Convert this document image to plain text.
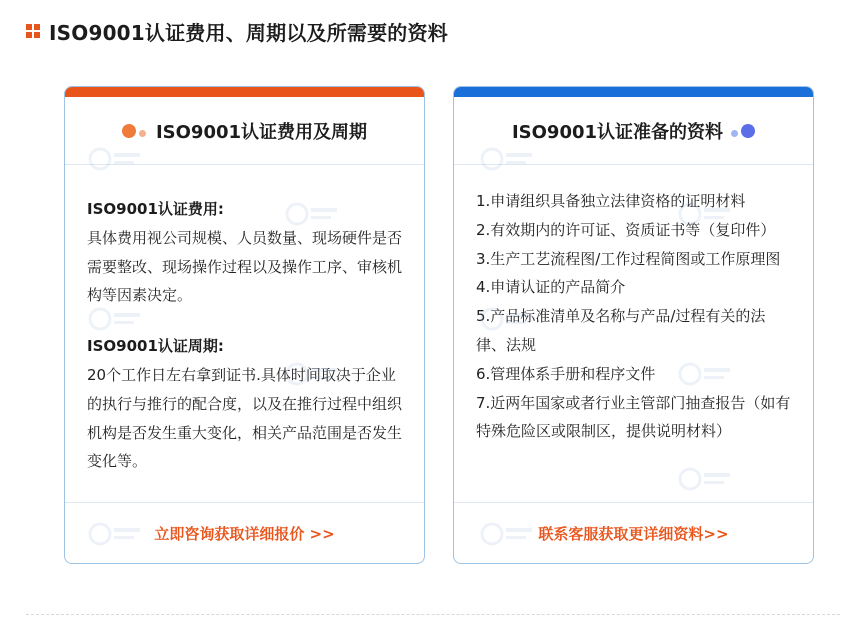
ISO9001认证费用、周期以及所需要的资料
ISO9001认证费用及周期
ISO9001认证费用:
具体费用视公司规模、人员数量、现场硬件是否需要整改、现场操作过程以及操作工序、审核机构等因素决定。
ISO9001认证周期:
20个工作日左右拿到证书.具体时间取决于企业的执行与推行的配合度，以及在推行过程中组织机构是否发生重大变化，相关产品范围是否发生变化等。
立即咨询获取详细报价 >>
ISO9001认证准备的资料
1.申请组织具备独立法律资格的证明材料
2.有效期内的许可证、资质证书等（复印件）
3.生产工艺流程图/工作过程简图或工作原理图
4.申请认证的产品简介
5.产品标准清单及名称与产品/过程有关的法律、法规
6.管理体系手册和程序文件
7.近两年国家或者行业主管部门抽查报告（如有特殊危险区或限制区，提供说明材料）
联系客服获取更详细资料>>
